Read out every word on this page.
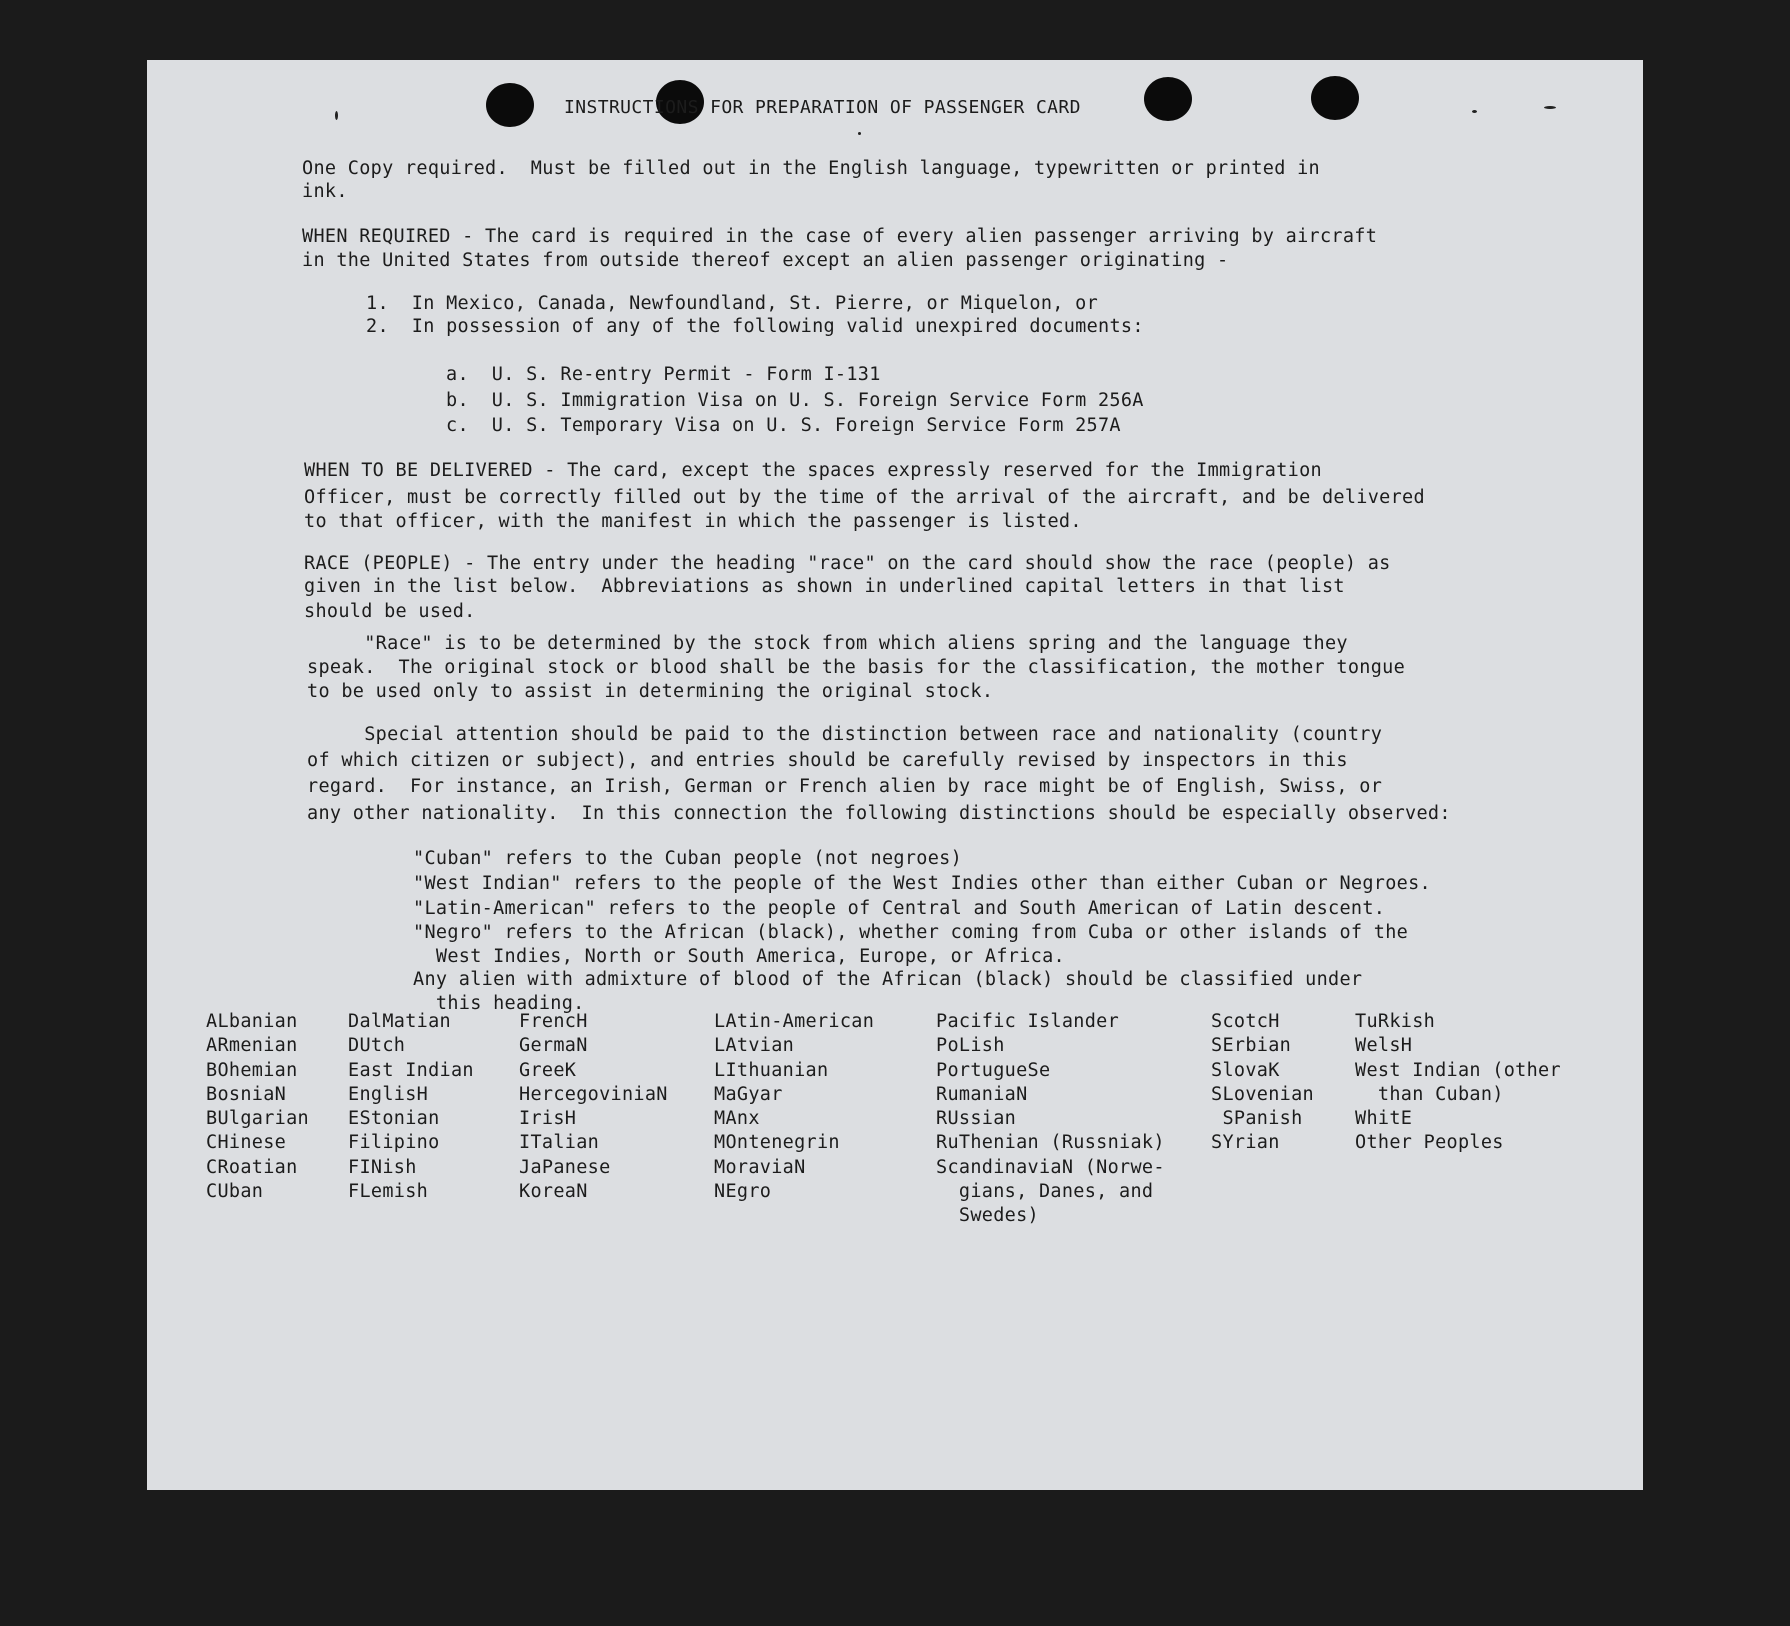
INSTRUCTIONS FOR PREPARATION OF PASSENGER CARD
One Copy required.  Must be filled out in the English language, typewritten or printed in
ink.
WHEN REQUIRED - The card is required in the case of every alien passenger arriving by aircraft
in the United States from outside thereof except an alien passenger originating -
1.  In Mexico, Canada, Newfoundland, St. Pierre, or Miquelon, or
2.  In possession of any of the following valid unexpired documents:
a.  U. S. Re-entry Permit - Form I-131
b.  U. S. Immigration Visa on U. S. Foreign Service Form 256A
c.  U. S. Temporary Visa on U. S. Foreign Service Form 257A
WHEN TO BE DELIVERED - The card, except the spaces expressly reserved for the Immigration
Officer, must be correctly filled out by the time of the arrival of the aircraft, and be delivered
to that officer, with the manifest in which the passenger is listed.
RACE (PEOPLE) - The entry under the heading "race" on the card should show the race (people) as
given in the list below.  Abbreviations as shown in underlined capital letters in that list
should be used.
"Race" is to be determined by the stock from which aliens spring and the language they
speak.  The original stock or blood shall be the basis for the classification, the mother tongue
to be used only to assist in determining the original stock.
Special attention should be paid to the distinction between race and nationality (country
of which citizen or subject), and entries should be carefully revised by inspectors in this
regard.  For instance, an Irish, German or French alien by race might be of English, Swiss, or
any other nationality.  In this connection the following distinctions should be especially observed:
"Cuban" refers to the Cuban people (not negroes)
"West Indian" refers to the people of the West Indies other than either Cuban or Negroes.
"Latin-American" refers to the people of Central and South American of Latin descent.
"Negro" refers to the African (black), whether coming from Cuba or other islands of the
West Indies, North or South America, Europe, or Africa.
Any alien with admixture of blood of the African (black) should be classified under
this heading.
ALbanian
ARmenian
BOhemian
BosniaN
BUlgarian
CHinese
CRoatian
CUban
DalMatian
DUtch
East Indian
EnglisH
EStonian
Filipino
FINish
FLemish
FrencH
GermaN
GreeK
HercegoviniaN
IrisH
ITalian
JaPanese
KoreaN
LAtin-American
LAtvian
LIthuanian
MaGyar
MAnx
MOntenegrin
MoraviaN
NEgro
Pacific Islander
PoLish
PortugueSe
RumaniaN
RUssian
RuThenian (Russniak)
ScandinaviaN (Norwe-
gians, Danes, and
Swedes)
ScotcH
SErbian
SlovaK
SLovenian
SPanish
SYrian
TuRkish
WelsH
West Indian (other
than Cuban)
WhitE
Other Peoples
